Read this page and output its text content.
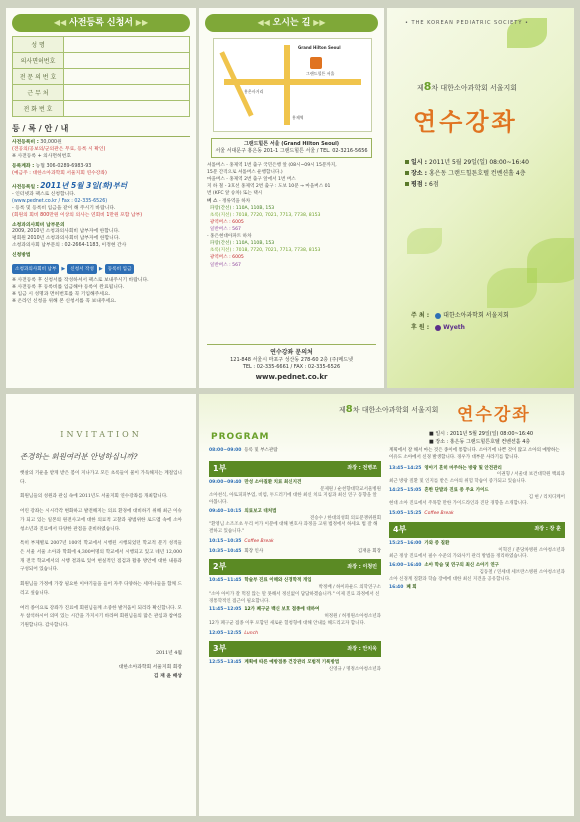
◀◀ 사전등록 신청서 ▶▶
성 명	
의사면허번호	
전 문 의 번 호	
근 무 처	
전 화 번 호	
등 / 록 / 안 / 내
사전등록비 : 30,000원
(전공의/공보의/군의관은 무료, 등록 시 확인)
※ 사전등록 + 의사면허번호
등록계좌 : 농협 306-0289-6983-93
(예금주 : 대한소아과학회 서울지회 연수강좌)
사전등록일 : 2011년 5월 3일(화)부터
- 인터넷과 팩스로 신청합니다.
(www.pednet.co.kr / Fax : 02-335-6526)
- 등록 및 등록비 입금을 같이 해 주시기 바랍니다.
(회원의 회비 800만원 이상의 의사는 연회비 1만원 포함 납부)
소청과의사회비 납부문의
2009, 2010년 소청과의사회비 납부자에 한합니다.
평회원 2010년 소청과의사회비 납부자에 한합니다.
소청과의사회 납부문의 : 02-2664-1183, 이정현 간사
신청방법
소청과의사회비 납부	▶	신청서 작성	▶	등록비 입금
※ 사전등록 후 신청서를 작성하셔서 팩스로 보내주시기 바랍니다.
※ 사전등록 후 등록비를 입금해야 등록이 완료됩니다.
※ 입금 시 성명과 면허번호를 꼭 기입해주세요.
※ 온라인 신청을 위해 본 신청서를 꼭 보내주세요.
◀◀ 오시는 길 ▶▶
Grand Hilton Seoul
그랜드힐튼 서울
홍은사거리
홍제역
그랜드힐튼 서울 (Grand Hilton Seoul)
서울 서대문구 홍은동 201-1 그랜드힐튼 서울 / TEL. 02-3216-5656
셔틀버스 - 홍제역 1번 출구 국민은행 앞 (08시~09시 15분까지,
15분 간격으로 셔틀버스 운행합니다.)
마을버스 - 홍제역 2번 출구 앞에서 1번 버스
지 하 철 - 3호선 홍제역 2번 출구 : 도보 10분 → 마을버스 01
번 (KFC 앞 승차) 또는 택시
버 스 - 정류역을 하차
파랑(간선) : 110A, 110B, 153
초록(지선) : 7018, 7720, 7021, 7713, 7738, 8153
광역버스 : 6005
일반버스 : 567
- 홍은현대아파트 하차
파랑(간선) : 110A, 110B, 153
초록(지선) : 7018, 7720, 7021, 7713, 7738, 8153
광역버스 : 6005
일반버스 : 567
연수강좌 문의처
121-848 서울시 마포구 성산동 278-60 2층 (주)메드넷
TEL : 02-335-6661 / FAX : 02-335-6526
www.pednet.co.kr
• THE KOREAN PEDIATRIC SOCIETY •
제8차 대한소아과학회 서울지회
연수강좌
일시 : 2011년 5월 29일(일) 08:00~16:40
장소 : 홍은동 그랜드힐튼호텔 컨벤션홀 4층
평점 : 6점
주 최 : 대한소아과학회 서울지회
후 원 : Wyeth
INVITATION
존경하는 회원여러분 안녕하십니까?

햇살의 기운을 받게 받은 봄이 지나가고 모든 초록들이 물이 가득해지는 계절입니다.

회원님들의 성원과 관심 속에 2011년도 서울지회 연수강좌를 개최합니다.

어린 강좌는 시시각각 변화하고 발전해지는 의료 환경에 대비하기 위해 최근 이슈가 되고 있는 일본의 원전사고에 대한 의료적 고찰과 광범위한 로드맵 속에 소아청소년과 진료에서 다양한 관점을 준비하였습니다.

특히 부제별로 2007년 100억 학교에서 시행된 시행되었던 학교적 분기 성적들은 서울 서울 소아과 학회에 4,300여명의 학교에서 시행되고 있고 네년 12,000개 전국 학교에서의 시행 결과로 있어 현실적인 점검과 활용 방안에 대한 내용과 구성되어 있습니다.

회원님들 가정에 가장 필요한 이야기들을 들어 자주 다양하는 세미나들을 함께 드리고 싶습니다.

여러 종이요로 강좌가 진료에 회원님들께 소중한 발겨움이 되리라 확신합니다. 모두 참석하시어 의미 있는 시간을 가지시기 바라며 회원님들의 많은 관심과 참여를 기원합니다. 감사합니다.

2011년 4월
대한소아과학회 서울지회 회장
김 재 윤 배상
제8차 대한소아과학회 서울지회 연수강좌
■ 일시 : 2011년 5월 29일(일) 08:00~16:40
■ 장소 : 홍은동 그랜드힐튼호텔 컨벤션홀 4층
PROGRAM
08:00~09:00 등록 및 부스관람
1부	좌장 : 전병조
09:00~09:40 만성 소아질환 치료 최신지견
문제원 / 순천향대학교서울병원
소아천식, 아토피피부염, 비염, 두드러기에 대한 최신 치료 지침과 최신 연구 동향을 알아봅니다.
09:40~10:15 의료보고 대처법
전승수 / 한대의성회 의료분쟁위원회
"환영님 소조조초 두리 어가 이분에 대해 변호사 과정을 고위 법정에서 하세요 법 잘 해결하고 있습니다."
10:15~10:35 Coffee Break
10:35~10:45 회장 인사	김재윤 회장
2부	좌장 : 이청민
10:45~11:45 학술부 진료 이해와 신경학적 개입
박정배 / 하이파운드 의학연구소
"소아 아이가 잘 먹질 않는 말 못해서 정신없이 답답하겠습니까." 이제 진료 과정에서 신경통학적인 접근이 필요합니다.
11:45~12:05 12가 폐구균 백신 보호 접종에 대하여
허정원 / 허정원소아청소년과
12가 폐구균 접종 이후 포함된 새로운 혈청형에 대해 안내를 해드리고자 합니다.
12:05~12:55 Lunch
3부	좌장 : 안치욱
12:55~13:45 계획에 따른 예방접종 건강관리 모범적 기록방법
신영규 / 명정소아청소년과
계획에서 잘 해서 마는 것은 종이에 통합니다. 소아기에 나쁜 것이 많고 소아의 예방하는 이유도 소아에서 신경 발생합니다. 경우가 대부분 사라기를 합니다.
13:45~14:25 영아기 흔히 마주하는 방광 및 안전관리
이권형 / 서울대 보건대학원 백외과
최근 방광 질환 및 인지를 받은 소아의 위험 학습이 증가되고 있습니다.
14:25~15:05 흔한 단발과 진료 중 주요 가이드
김 현 / 리치디케어
현대 소아 진료에서 주목할 만한 가이드라인과 진단 경향을 소개합니다.
15:05~15:25 Coffee Break
4부	좌장 : 장 훈
15:25~16:00 가와 증 질환
이혁진 / 분당차병원 소아청소년과
최근 정상 진료에서 필수 수준의 가와사키 관리 방법을 정리하였습니다.
16:00~16:40 소아 학습 및 연구의 최신 소아기 연구
김동철 / 연세대 세브란스병원 소아청소년과
소아 신경계 질환과 학습 장애에 대한 최신 지견을 공유합니다.
16:40 폐 회
